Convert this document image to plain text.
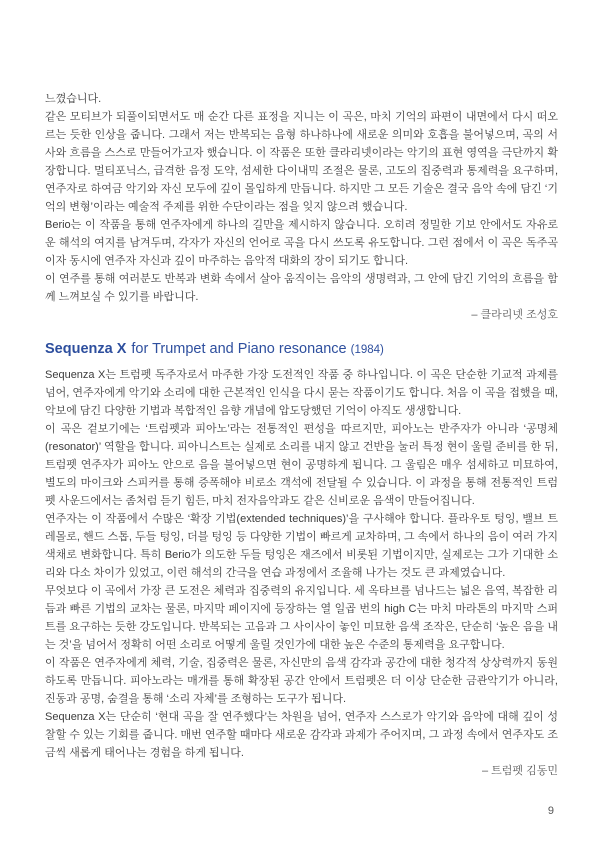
느꼈습니다.

같은 모티브가 되풀이되면서도 매 순간 다른 표정을 지니는 이 곡은, 마치 기억의 파편이 내면에서 다시 떠오르는 듯한 인상을 줍니다. 그래서 저는 반복되는 음형 하나하나에 새로운 의미와 호흡을 불어넣으며, 곡의 서사와 흐름을 스스로 만들어가고자 했습니다. 이 작품은 또한 클라리넷이라는 악기의 표현 영역을 극단까지 확장합니다. 멀티포닉스, 급격한 음정 도약, 섬세한 다이내믹 조절은 물론, 고도의 집중력과 통제력을 요구하며, 연주자로 하여금 악기와 자신 모두에 깊이 몰입하게 만듭니다. 하지만 그 모든 기술은 결국 음악 속에 담긴 ‘기억의 변형’이라는 예술적 주제를 위한 수단이라는 점을 잊지 않으려 했습니다.

Berio는 이 작품을 통해 연주자에게 하나의 길만을 제시하지 않습니다. 오히려 정밀한 기보 안에서도 자유로운 해석의 여지를 남겨두며, 각자가 자신의 언어로 곡을 다시 쓰도록 유도합니다. 그런 점에서 이 곡은 독주곡이자 동시에 연주자 자신과 깊이 마주하는 음악적 대화의 장이 되기도 합니다.

이 연주를 통해 여러분도 반복과 변화 속에서 살아 움직이는 음악의 생명력과, 그 안에 담긴 기억의 흐름을 함께 느껴보실 수 있기를 바랍니다.

– 클라리넷 조성호

Sequenza X for Trumpet and Piano resonance (1984)

Sequenza X는 트럼펫 독주자로서 마주한 가장 도전적인 작품 중 하나입니다. 이 곡은 단순한 기교적 과제를 넘어, 연주자에게 악기와 소리에 대한 근본적인 인식을 다시 묻는 작품이기도 합니다. 처음 이 곡을 접했을 때, 악보에 담긴 다양한 기법과 복합적인 음향 개념에 압도당했던 기억이 아직도 생생합니다.

이 곡은 겉보기에는 ‘트럼펫과 피아노’라는 전통적인 편성을 따르지만, 피아노는 반주자가 아니라 ‘공명체(resonator)’ 역할을 합니다. 피아니스트는 실제로 소리를 내지 않고 건반을 눌러 특정 현이 울릴 준비를 한 뒤, 트럼펫 연주자가 피아노 안으로 음을 불어넣으면 현이 공명하게 됩니다. 그 울림은 매우 섬세하고 미묘하여, 별도의 마이크와 스피커를 통해 증폭해야 비로소 객석에 전달될 수 있습니다. 이 과정을 통해 전통적인 트럼펫 사운드에서는 좀처럼 듣기 힘든, 마치 전자음악과도 같은 신비로운 음색이 만들어집니다.

연주자는 이 작품에서 수많은 ‘확장 기법(extended techniques)’을 구사해야 합니다. 플라우토 텅잉, 밸브 트레몰로, 핸드 스톱, 두들 텅잉, 더블 텅잉 등 다양한 기법이 빠르게 교차하며, 그 속에서 하나의 음이 여러 가지 색채로 변화합니다. 특히 Berio가 의도한 두들 텅잉은 재즈에서 비롯된 기법이지만, 실제로는 그가 기대한 소리와 다소 차이가 있었고, 이런 해석의 간극을 연습 과정에서 조율해 나가는 것도 큰 과제였습니다.

무엇보다 이 곡에서 가장 큰 도전은 체력과 집중력의 유지입니다. 세 옥타브를 넘나드는 넓은 음역, 복잡한 리듬과 빠른 기법의 교차는 물론, 마지막 페이지에 등장하는 열 일곱 번의 high C는 마치 마라톤의 마지막 스퍼트를 요구하는 듯한 강도입니다. 반복되는 고음과 그 사이사이 놓인 미묘한 음색 조작은, 단순히 ‘높은 음을 내는 것’을 넘어서 정확히 어떤 소리로 어떻게 울릴 것인가에 대한 높은 수준의 통제력을 요구합니다.

이 작품은 연주자에게 체력, 기술, 집중력은 물론, 자신만의 음색 감각과 공간에 대한 청각적 상상력까지 동원하도록 만듭니다. 피아노라는 매개를 통해 확장된 공간 안에서 트럼펫은 더 이상 단순한 금관악기가 아니라, 진동과 공명, 숨결을 통해 ‘소리 자체’를 조형하는 도구가 됩니다.

Sequenza X는 단순히 ‘현대 곡을 잘 연주했다’는 차원을 넘어, 연주자 스스로가 악기와 음악에 대해 깊이 성찰할 수 있는 기회를 줍니다. 매번 연주할 때마다 새로운 감각과 과제가 주어지며, 그 과정 속에서 연주자도 조금씩 새롭게 태어나는 경험을 하게 됩니다.

– 트럼펫 김동민

9
